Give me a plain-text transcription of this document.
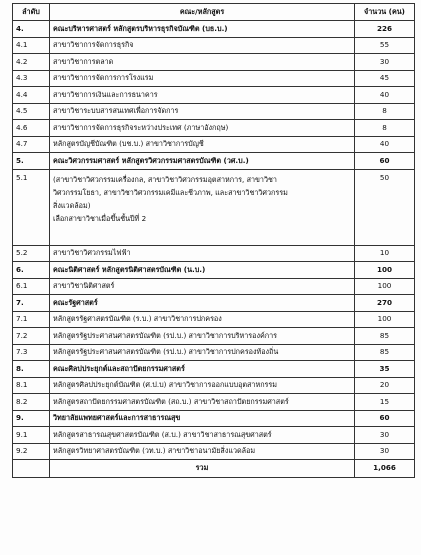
ลำดับ	คณะ/หลักสูตร	จำนวน (คน)
4.	คณะบริหารศาสตร์ หลักสูตรบริหารธุรกิจบัณฑิต (บธ.บ.)	226
4.1	สาขาวิชาการจัดการธุรกิจ	55
4.2	สาขาวิชาการตลาด	30
4.3	สาขาวิชาการจัดการการโรงแรม	45
4.4	สาขาวิชาการเงินและการธนาคาร	40
4.5	สาขาวิชาระบบสารสนเทศเพื่อการจัดการ	8
4.6	สาขาวิชาการจัดการธุรกิจระหว่างประเทศ (ภาษาอังกฤษ)	8
4.7	หลักสูตรบัญชีบัณฑิต (บช.บ.) สาขาวิชาการบัญชี	40
5.	คณะวิศวกรรมศาสตร์ หลักสูตรวิศวกรรมศาสตรบัณฑิต (วศ.บ.)	60
5.1	(สาขาวิชาวิศวกรรมเครื่องกล, สาขาวิชาวิศวกรรมอุตสาหการ, สาขาวิชา
วิศวกรรมโยธา, สาขาวิชาวิศวกรรมเคมีและชีวภาพ, และสาขาวิชาวิศวกรรม
สิ่งแวดล้อม)
เลือกสาขาวิชาเมื่อขึ้นชั้นปีที่ 2	50
5.2	สาขาวิชาวิศวกรรมไฟฟ้า	10
6.	คณะนิติศาสตร์ หลักสูตรนิติศาสตรบัณฑิต (น.บ.)	100
6.1	สาขาวิชานิติศาสตร์	100
7.	คณะรัฐศาสตร์	270
7.1	หลักสูตรรัฐศาสตรบัณฑิต (ร.บ.) สาขาวิชาการปกครอง	100
7.2	หลักสูตรรัฐประศาสนศาสตรบัณฑิต (รป.บ.) สาขาวิชาการบริหารองค์การ	85
7.3	หลักสูตรรัฐประศาสนศาสตรบัณฑิต (รป.บ.) สาขาวิชาการปกครองท้องถิ่น	85
8.	คณะศิลปประยุกต์และสถาปัตยกรรมศาสตร์	35
8.1	หลักสูตรศิลปประยุกต์บัณฑิต (ศ.ป.บ) สาขาวิชาการออกแบบอุตสาหกรรม	20
8.2	หลักสูตรสถาปัตยกรรมศาสตรบัณฑิต (สถ.บ.) สาขาวิชาสถาปัตยกรรมศาสตร์	15
9.	วิทยาลัยแพทยศาสตร์และการสาธารณสุข	60
9.1	หลักสูตรสาธารณสุขศาสตรบัณฑิต (ส.บ.) สาขาวิชาสาธารณสุขศาสตร์	30
9.2	หลักสูตรวิทยาศาสตรบัณฑิต (วท.บ.) สาขาวิชาอนามัยสิ่งแวดล้อม	30
	รวม	1,066
